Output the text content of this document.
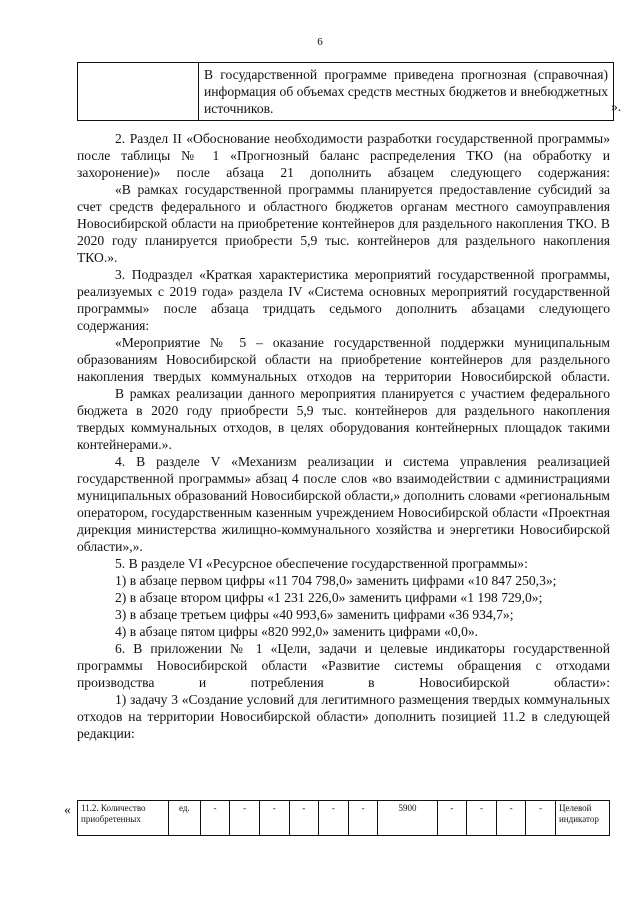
6
	В государственной программе приведена прогнозная (справочная) информация об объемах средств местных бюджетов и внебюджетных источников.	».

2. Раздел II «Обоснование необходимости разработки государственной программы» после таблицы № 1 «Прогнозный баланс распределения ТКО (на обработку и захоронение)» после абзаца 21 дополнить абзацем следующего содержания:

«В рамках государственной программы планируется предоставление субсидий за счет средств федерального и областного бюджетов органам местного самоуправления Новосибирской области на приобретение контейнеров для раздельного накопления ТКО. В 2020 году планируется приобрести 5,9 тыс. контейнеров для раздельного накопления ТКО.».

3. Подраздел «Краткая характеристика мероприятий государственной программы, реализуемых с 2019 года» раздела IV «Система основных мероприятий государственной программы» после абзаца тридцать седьмого дополнить абзацами следующего содержания:

«Мероприятие № 5 – оказание государственной поддержки муниципальным образованиям Новосибирской области на приобретение контейнеров для раздельного накопления твердых коммунальных отходов на территории Новосибирской области.

В рамках реализации данного мероприятия планируется с участием федерального бюджета в 2020 году приобрести 5,9 тыс. контейнеров для раздельного накопления твердых коммунальных отходов, в целях оборудования контейнерных площадок такими контейнерами.».

4. В разделе V «Механизм реализации и система управления реализацией государственной программы» абзац 4 после слов «во взаимодействии с администрациями муниципальных образований Новосибирской области,» дополнить словами «региональным оператором, государственным казенным учреждением Новосибирской области «Проектная дирекция министерства жилищно-коммунального хозяйства и энергетики Новосибирской области»,».

5. В разделе VI «Ресурсное обеспечение государственной программы»:

1) в абзаце первом цифры «11 704 798,0» заменить цифрами «10 847 250,3»;

2) в абзаце втором цифры «1 231 226,0» заменить цифрами «1 198 729,0»;

3) в абзаце третьем цифры «40 993,6» заменить цифрами «36 934,7»;

4) в абзаце пятом цифры «820 992,0» заменить цифрами «0,0».

6. В приложении № 1 «Цели, задачи и целевые индикаторы государственной программы Новосибирской области «Развитие системы обращения с отходами производства и потребления в Новосибирской области»:

1) задачу 3 «Создание условий для легитимного размещения твердых коммунальных отходов на территории Новосибирской области» дополнить позицией 11.2 в следующей редакции:

« 11.2. Количество приобретенных	ед.	-	-	-	-	-	-	5900	-	-	-	-	Целевой индикатор
